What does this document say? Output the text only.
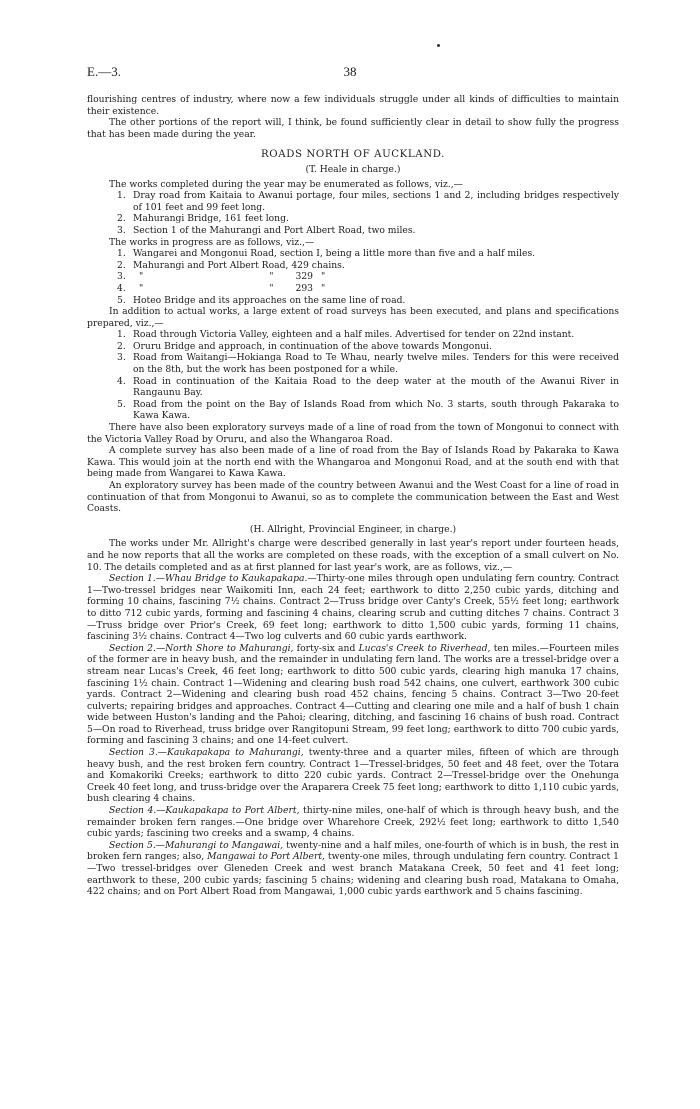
E.—3.	38

flourishing centres of industry, where now a few individuals struggle under all kinds of difficulties to maintain their existence.

The other portions of the report will, I think, be found sufficiently clear in detail to show fully the progress that has been made during the year.

ROADS NORTH OF AUCKLAND.

(T. Heale in charge.)

The works completed during the year may be enumerated as follows, viz.,—

1. Dray road from Kaitaia to Awanui portage, four miles, sections 1 and 2, including bridges respectively of 101 feet and 99 feet long.
2. Mahurangi Bridge, 161 feet long.
3. Section 1 of the Mahurangi and Port Albert Road, two miles.

The works in progress are as follows, viz.,—

1. Wangarei and Mongonui Road, section I, being a little more than five and a half miles.
2. Mahurangi and Port Albert Road, 429 chains.
3. "	" 329 "
4. "	" 293 "
5. Hoteo Bridge and its approaches on the same line of road.

In addition to actual works, a large extent of road surveys has been executed, and plans and specifications prepared, viz.,—

1. Road through Victoria Valley, eighteen and a half miles. Advertised for tender on 22nd instant.
2. Oruru Bridge and approach, in continuation of the above towards Mongonui.
3. Road from Waitangi—Hokianga Road to Te Whau, nearly twelve miles. Tenders for this were received on the 8th, but the work has been postponed for a while.
4. Road in continuation of the Kaitaia Road to the deep water at the mouth of the Awanui River in Rangaunu Bay.
5. Road from the point on the Bay of Islands Road from which No. 3 starts, south through Pakaraka to Kawa Kawa.

There have also been exploratory surveys made of a line of road from the town of Mongonui to connect with the Victoria Valley Road by Oruru, and also the Whangaroa Road.

A complete survey has also been made of a line of road from the Bay of Islands Road by Pakaraka to Kawa Kawa. This would join at the north end with the Whangaroa and Mongonui Road, and at the south end with that being made from Wangarei to Kawa Kawa.

An exploratory survey has been made of the country between Awanui and the West Coast for a line of road in continuation of that from Mongonui to Awanui, so as to complete the communication between the East and West Coasts.

(H. Allright, Provincial Engineer, in charge.)

The works under Mr. Allright's charge were described generally in last year's report under fourteen heads, and he now reports that all the works are completed on these roads, with the exception of a small culvert on No. 10. The details completed and as at first planned for last year's work, are as follows, viz.,—

Section 1.—Whau Bridge to Kaukapakapa.—Thirty-one miles through open undulating fern country. Contract 1—Two-tressel bridges near Waikomiti Inn, each 24 feet; earthwork to ditto 2,250 cubic yards, ditching and forming 10 chains, fascining 7½ chains. Contract 2—Truss bridge over Canty's Creek, 55½ feet long; earthwork to ditto 712 cubic yards, forming and fascining 4 chains, clearing scrub and cutting ditches 7 chains. Contract 3—Truss bridge over Prior's Creek, 69 feet long; earthwork to ditto 1,500 cubic yards, forming 11 chains, fascining 3½ chains. Contract 4—Two log culverts and 60 cubic yards earthwork.

Section 2.—North Shore to Mahurangi, forty-six and Lucas's Creek to Riverhead, ten miles.—Fourteen miles of the former are in heavy bush, and the remainder in undulating fern land. The works are a tressel-bridge over a stream near Lucas's Creek, 46 feet long; earthwork to ditto 500 cubic yards, clearing high manuka 17 chains, fascining 1½ chain. Contract 1—Widening and clearing bush road 542 chains, one culvert, earthwork 300 cubic yards. Contract 2—Widening and clearing bush road 452 chains, fencing 5 chains. Contract 3—Two 20-feet culverts; repairing bridges and approaches. Contract 4—Cutting and clearing one mile and a half of bush 1 chain wide between Huston's landing and the Pahoi; clearing, ditching, and fascining 16 chains of bush road. Contract 5—On road to Riverhead, truss bridge over Rangitopuni Stream, 99 feet long; earthwork to ditto 700 cubic yards, forming and fascining 3 chains; and one 14-feet culvert.

Section 3.—Kaukapakapa to Mahurangi, twenty-three and a quarter miles, fifteen of which are through heavy bush, and the rest broken fern country. Contract 1—Tressel-bridges, 50 feet and 48 feet, over the Totara and Komakoriki Creeks; earthwork to ditto 220 cubic yards. Contract 2—Tressel-bridge over the Onehunga Creek 40 feet long, and truss-bridge over the Araparera Creek 75 feet long; earthwork to ditto 1,110 cubic yards, bush clearing 4 chains.

Section 4.—Kaukapakapa to Port Albert, thirty-nine miles, one-half of which is through heavy bush, and the remainder broken fern ranges.—One bridge over Wharehore Creek, 292½ feet long; earthwork to ditto 1,540 cubic yards; fascining two creeks and a swamp, 4 chains.

Section 5.—Mahurangi to Mangawai, twenty-nine and a half miles, one-fourth of which is in bush, the rest in broken fern ranges; also, Mangawai to Port Albert, twenty-one miles, through undulating fern country. Contract 1—Two tressel-bridges over Gleneden Creek and west branch Matakana Creek, 50 feet and 41 feet long; earthwork to these, 200 cubic yards; fascining 5 chains; widening and clearing bush road, Matakana to Omaha, 422 chains; and on Port Albert Road from Mangawai, 1,000 cubic yards earthwork and 5 chains fascining.
